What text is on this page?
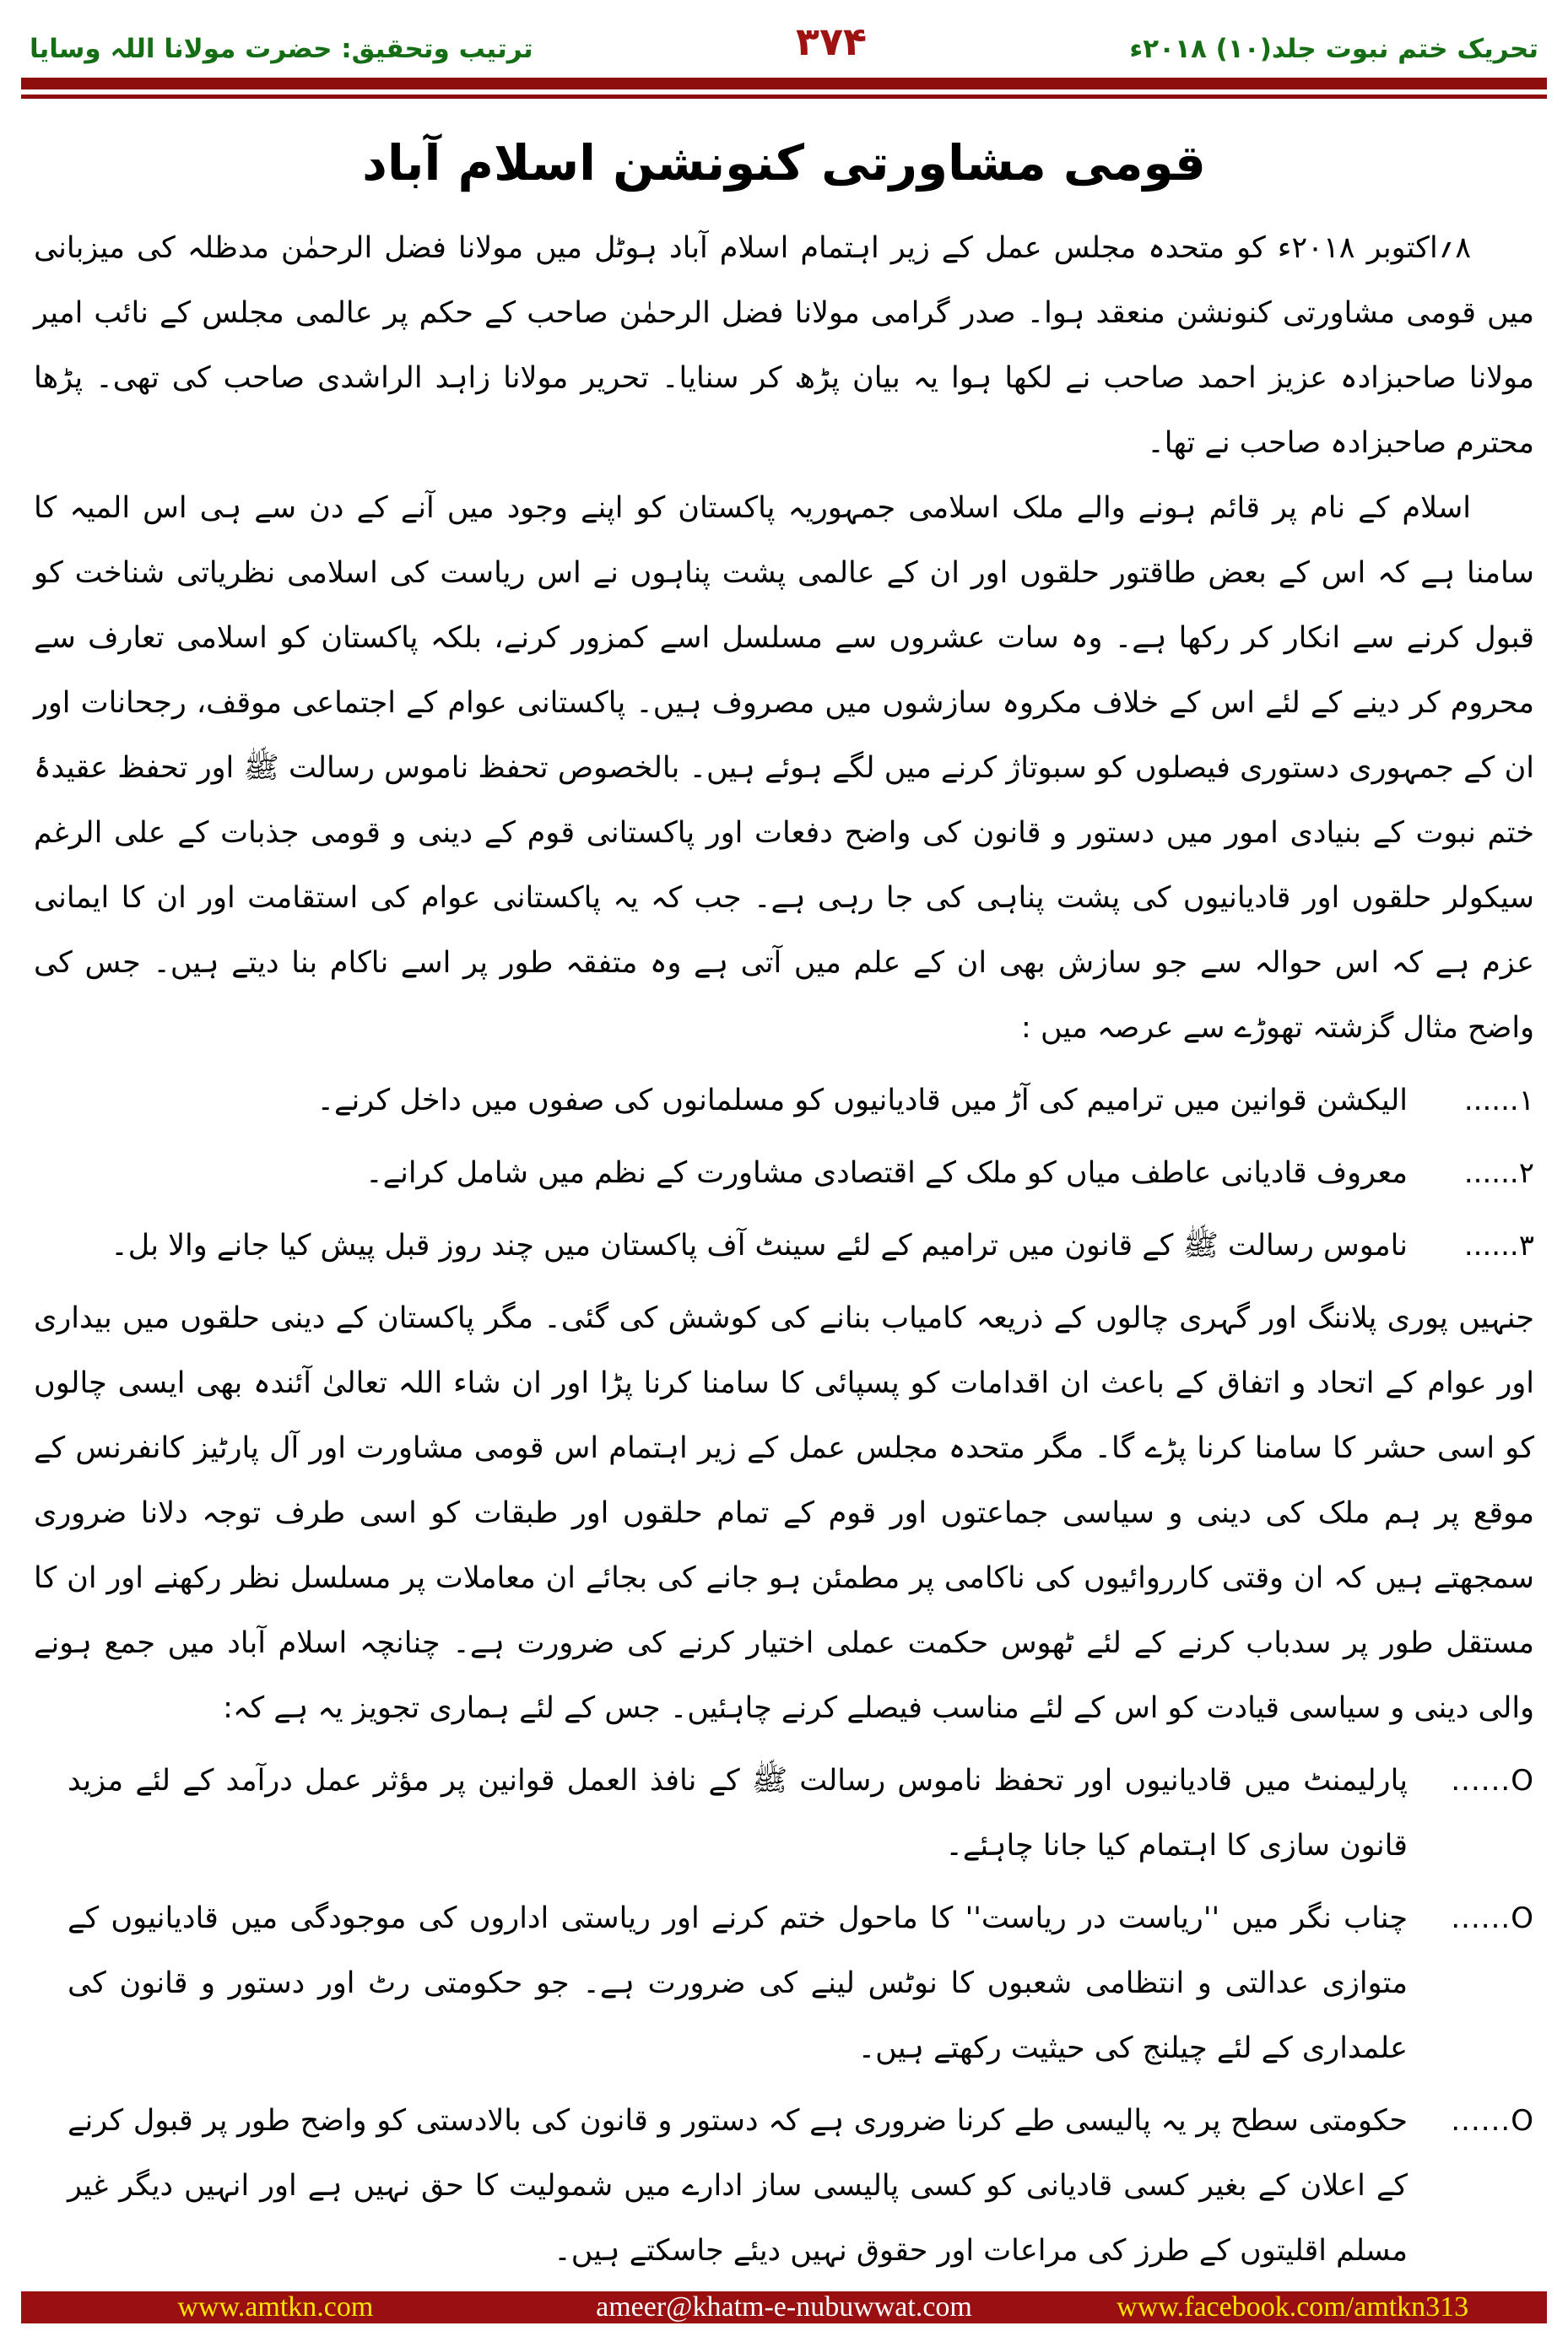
ترتیب وتحقیق: حضرت مولانا اللہ وسایا	۳۷۴	تحریک ختم نبوت جلد(۱۰) ۲۰۱۸ء
قومی مشاورتی کنونشن اسلام آباد

۸؍اکتوبر ۲۰۱۸ء کو متحدہ مجلس عمل کے زیر اہتمام اسلام آباد ہوٹل میں مولانا فضل الرحمٰن مدظلہ کی میزبانی میں قومی مشاورتی کنونشن منعقد ہوا۔ صدر گرامی مولانا فضل الرحمٰن صاحب کے حکم پر عالمی مجلس کے نائب امیر مولانا صاحبزادہ عزیز احمد صاحب نے لکھا ہوا یہ بیان پڑھ کر سنایا۔ تحریر مولانا زاہد الراشدی صاحب کی تھی۔ پڑھا محترم صاحبزادہ صاحب نے تھا۔

اسلام کے نام پر قائم ہونے والے ملک اسلامی جمہوریہ پاکستان کو اپنے وجود میں آنے کے دن سے ہی اس المیہ کا سامنا ہے کہ اس کے بعض طاقتور حلقوں اور ان کے عالمی پشت پناہوں نے اس ریاست کی اسلامی نظریاتی شناخت کو قبول کرنے سے انکار کر رکھا ہے۔ وہ سات عشروں سے مسلسل اسے کمزور کرنے، بلکہ پاکستان کو اسلامی تعارف سے محروم کر دینے کے لئے اس کے خلاف مکروہ سازشوں میں مصروف ہیں۔ پاکستانی عوام کے اجتماعی موقف، رجحانات اور ان کے جمہوری دستوری فیصلوں کو سبوتاژ کرنے میں لگے ہوئے ہیں۔ بالخصوص تحفظ ناموس رسالت ﷺ اور تحفظ عقیدۂ ختم نبوت کے بنیادی امور میں دستور و قانون کی واضح دفعات اور پاکستانی قوم کے دینی و قومی جذبات کے علی الرغم سیکولر حلقوں اور قادیانیوں کی پشت پناہی کی جا رہی ہے۔ جب کہ یہ پاکستانی عوام کی استقامت اور ان کا ایمانی عزم ہے کہ اس حوالہ سے جو سازش بھی ان کے علم میں آتی ہے وہ متفقہ طور پر اسے ناکام بنا دیتے ہیں۔ جس کی واضح مثال گزشتہ تھوڑے سے عرصہ میں :

۱......
الیکشن قوانین میں ترامیم کی آڑ میں قادیانیوں کو مسلمانوں کی صفوں میں داخل کرنے۔
۲......
معروف قادیانی عاطف میاں کو ملک کے اقتصادی مشاورت کے نظم میں شامل کرانے۔
۳......
ناموس رسالت ﷺ کے قانون میں ترامیم کے لئے سینٹ آف پاکستان میں چند روز قبل پیش کیا جانے والا بل۔

جنہیں پوری پلاننگ اور گہری چالوں کے ذریعہ کامیاب بنانے کی کوشش کی گئی۔ مگر پاکستان کے دینی حلقوں میں بیداری اور عوام کے اتحاد و اتفاق کے باعث ان اقدامات کو پسپائی کا سامنا کرنا پڑا اور ان شاء اللہ تعالیٰ آئندہ بھی ایسی چالوں کو اسی حشر کا سامنا کرنا پڑے گا۔ مگر متحدہ مجلس عمل کے زیر اہتمام اس قومی مشاورت اور آل پارٹیز کانفرنس کے موقع پر ہم ملک کی دینی و سیاسی جماعتوں اور قوم کے تمام حلقوں اور طبقات کو اسی طرف توجہ دلانا ضروری سمجھتے ہیں کہ ان وقتی کارروائیوں کی ناکامی پر مطمئن ہو جانے کی بجائے ان معاملات پر مسلسل نظر رکھنے اور ان کا مستقل طور پر سدباب کرنے کے لئے ٹھوس حکمت عملی اختیار کرنے کی ضرورت ہے۔ چنانچہ اسلام آباد میں جمع ہونے والی دینی و سیاسی قیادت کو اس کے لئے مناسب فیصلے کرنے چاہئیں۔ جس کے لئے ہماری تجویز یہ ہے کہ:

O......
پارلیمنٹ میں قادیانیوں اور تحفظ ناموس رسالت ﷺ کے نافذ العمل قوانین پر مؤثر عمل درآمد کے لئے مزید قانون سازی کا اہتمام کیا جانا چاہئے۔
O......
چناب نگر میں ''ریاست در ریاست'' کا ماحول ختم کرنے اور ریاستی اداروں کی موجودگی میں قادیانیوں کے متوازی عدالتی و انتظامی شعبوں کا نوٹس لینے کی ضرورت ہے۔ جو حکومتی رٹ اور دستور و قانون کی علمداری کے لئے چیلنج کی حیثیت رکھتے ہیں۔
O......
حکومتی سطح پر یہ پالیسی طے کرنا ضروری ہے کہ دستور و قانون کی بالادستی کو واضح طور پر قبول کرنے کے اعلان کے بغیر کسی قادیانی کو کسی پالیسی ساز ادارے میں شمولیت کا حق نہیں ہے اور انہیں دیگر غیر مسلم اقلیتوں کے طرز کی مراعات اور حقوق نہیں دیئے جاسکتے ہیں۔
www.amtkn.com	ameer@khatm-e-nubuwwat.com	www.facebook.com/amtkn313
